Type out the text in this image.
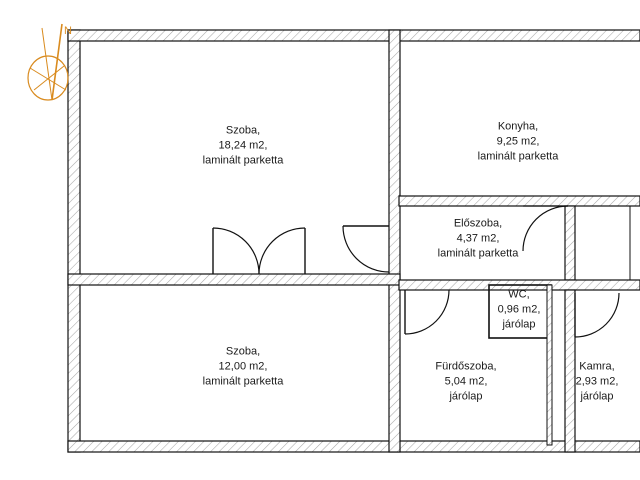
N
Szoba,
18,24 m2,
laminált parketta
Konyha,
9,25 m2,
laminált parketta
Előszoba,
4,37 m2,
laminált parketta
WC,
0,96 m2,
járólap
Szoba,
12,00 m2,
laminált parketta
Fürdőszoba,
5,04 m2,
járólap
Kamra,
2,93 m2,
járólap
